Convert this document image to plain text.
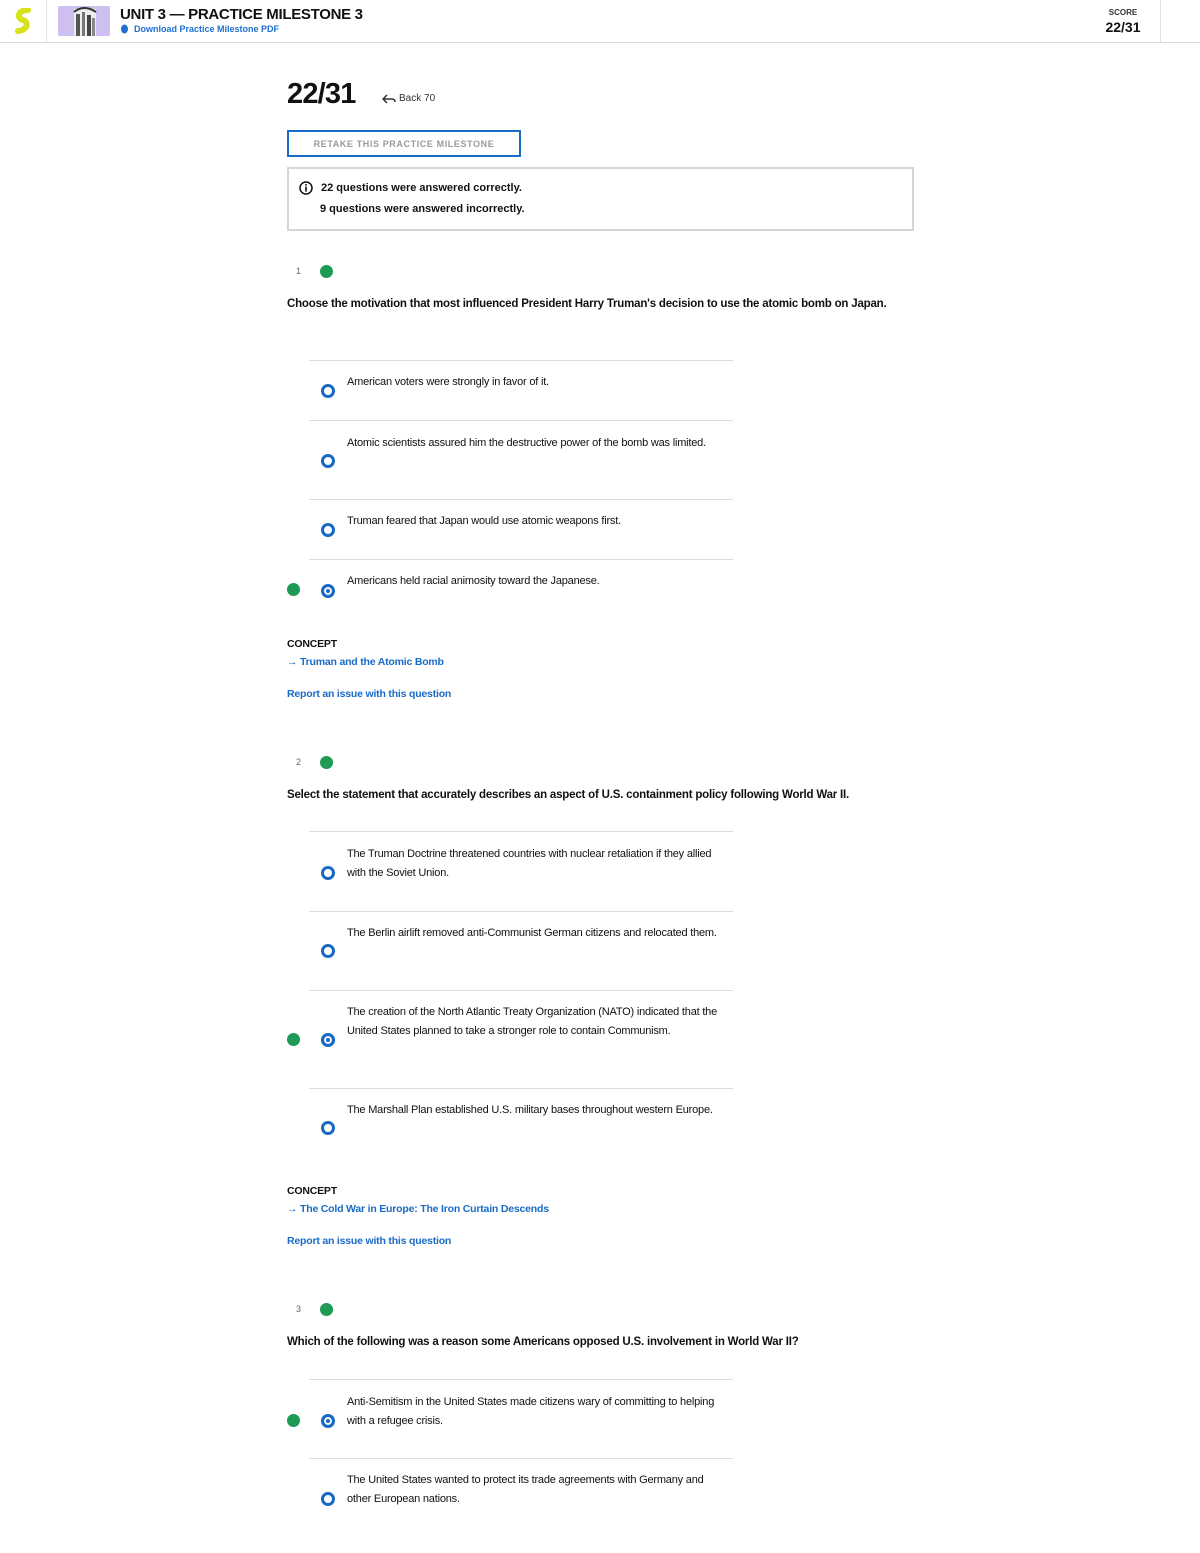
UNIT 3 — PRACTICE MILESTONE 3
Download Practice Milestone PDF
SCORE
22/31
22/31	Back 70
RETAKE THIS PRACTICE MILESTONE
22 questions were answered correctly.
9 questions were answered incorrectly.
1
Choose the motivation that most influenced President Harry Truman's decision to use the atomic bomb on Japan.
American voters were strongly in favor of it.
Atomic scientists assured him the destructive power of the bomb was limited.
Truman feared that Japan would use atomic weapons first.
Americans held racial animosity toward the Japanese.
CONCEPT
→ Truman and the Atomic Bomb
Report an issue with this question
2
Select the statement that accurately describes an aspect of U.S. containment policy following World War II.
The Truman Doctrine threatened countries with nuclear retaliation if they allied with the Soviet Union.
The Berlin airlift removed anti-Communist German citizens and relocated them.
The creation of the North Atlantic Treaty Organization (NATO) indicated that the United States planned to take a stronger role to contain Communism.
The Marshall Plan established U.S. military bases throughout western Europe.
CONCEPT
→ The Cold War in Europe: The Iron Curtain Descends
Report an issue with this question
3
Which of the following was a reason some Americans opposed U.S. involvement in World War II?
Anti-Semitism in the United States made citizens wary of committing to helping with a refugee crisis.
The United States wanted to protect its trade agreements with Germany and other European nations.
